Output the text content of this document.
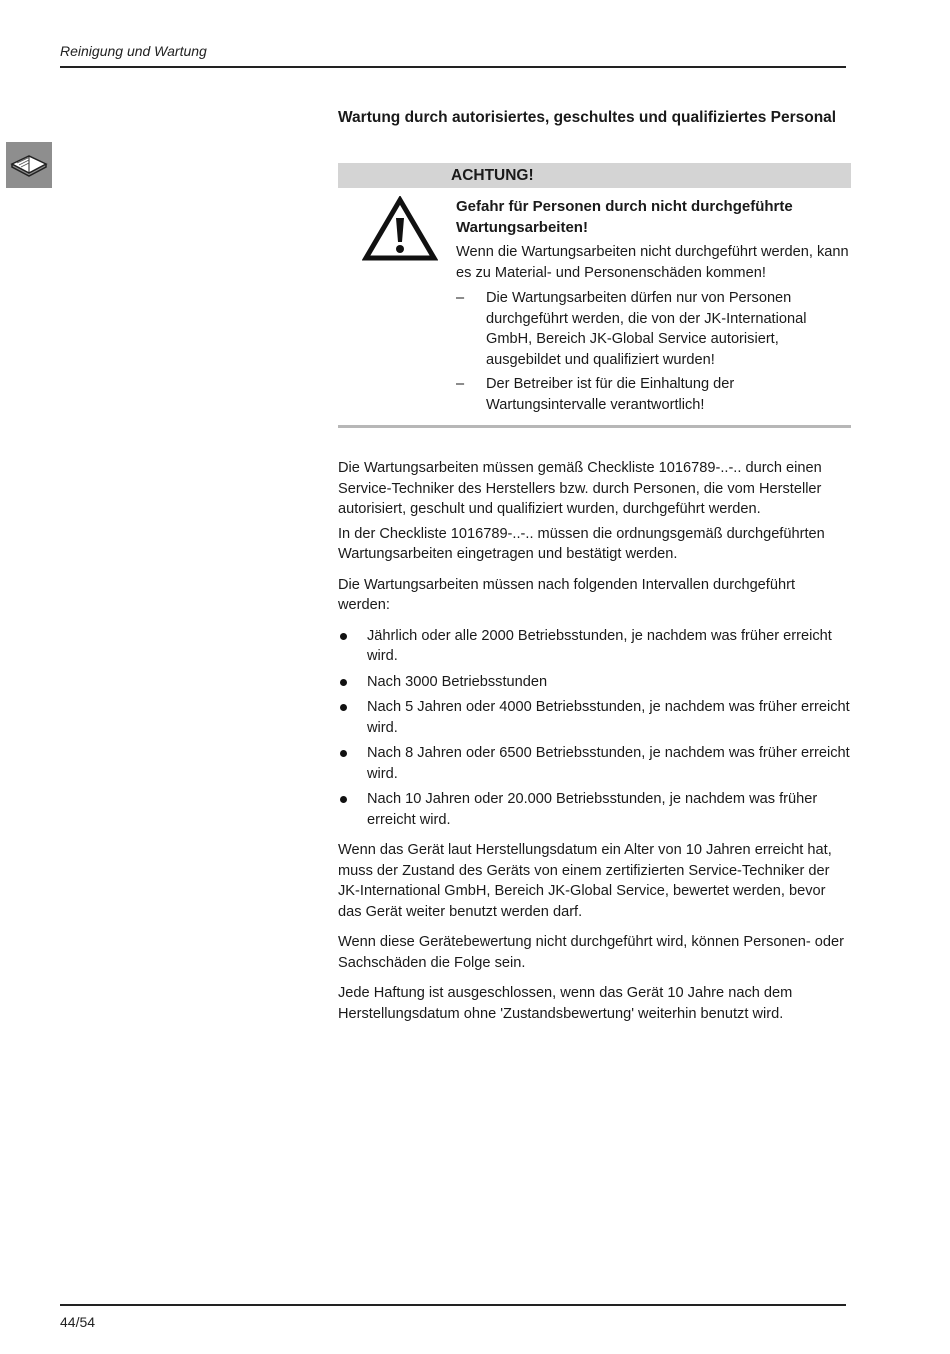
Reinigung und Wartung
Wartung durch autorisiertes, geschultes und qualifiziertes Personal
ACHTUNG!

Gefahr für Personen durch nicht durchgeführte Wartungsarbeiten!

Wenn die Wartungsarbeiten nicht durchgeführt werden, kann es zu Material- und Personenschäden kommen!

– Die Wartungsarbeiten dürfen nur von Personen durchgeführt werden, die von der JK-International GmbH, Bereich JK-Global Service autorisiert, ausgebildet und qualifiziert wurden!
– Der Betreiber ist für die Einhaltung der Wartungsintervalle verantwortlich!

Die Wartungsarbeiten müssen gemäß Checkliste 1016789-..-.. durch einen Service-Techniker des Herstellers bzw. durch Personen, die vom Hersteller autorisiert, geschult und qualifiziert wurden, durchgeführt werden.

In der Checkliste 1016789-..-.. müssen die ordnungsgemäß durchgeführten Wartungsarbeiten eingetragen und bestätigt werden.

Die Wartungsarbeiten müssen nach folgenden Intervallen durchgeführt werden:

Jährlich oder alle 2000 Betriebsstunden, je nachdem was früher erreicht wird.
Nach 3000 Betriebsstunden
Nach 5 Jahren oder 4000 Betriebsstunden, je nachdem was früher erreicht wird.
Nach 8 Jahren oder 6500 Betriebsstunden, je nachdem was früher erreicht wird.
Nach 10 Jahren oder 20.000 Betriebsstunden, je nachdem was früher erreicht wird.

Wenn das Gerät laut Herstellungsdatum ein Alter von 10 Jahren erreicht hat, muss der Zustand des Geräts von einem zertifizierten Service-Techniker der JK-International GmbH, Bereich JK-Global Service, bewertet werden, bevor das Gerät weiter benutzt werden darf.

Wenn diese Gerätebewertung nicht durchgeführt wird, können Personen- oder Sachschäden die Folge sein.

Jede Haftung ist ausgeschlossen, wenn das Gerät 10 Jahre nach dem Herstellungsdatum ohne 'Zustandsbewertung' weiterhin benutzt wird.

44/54
